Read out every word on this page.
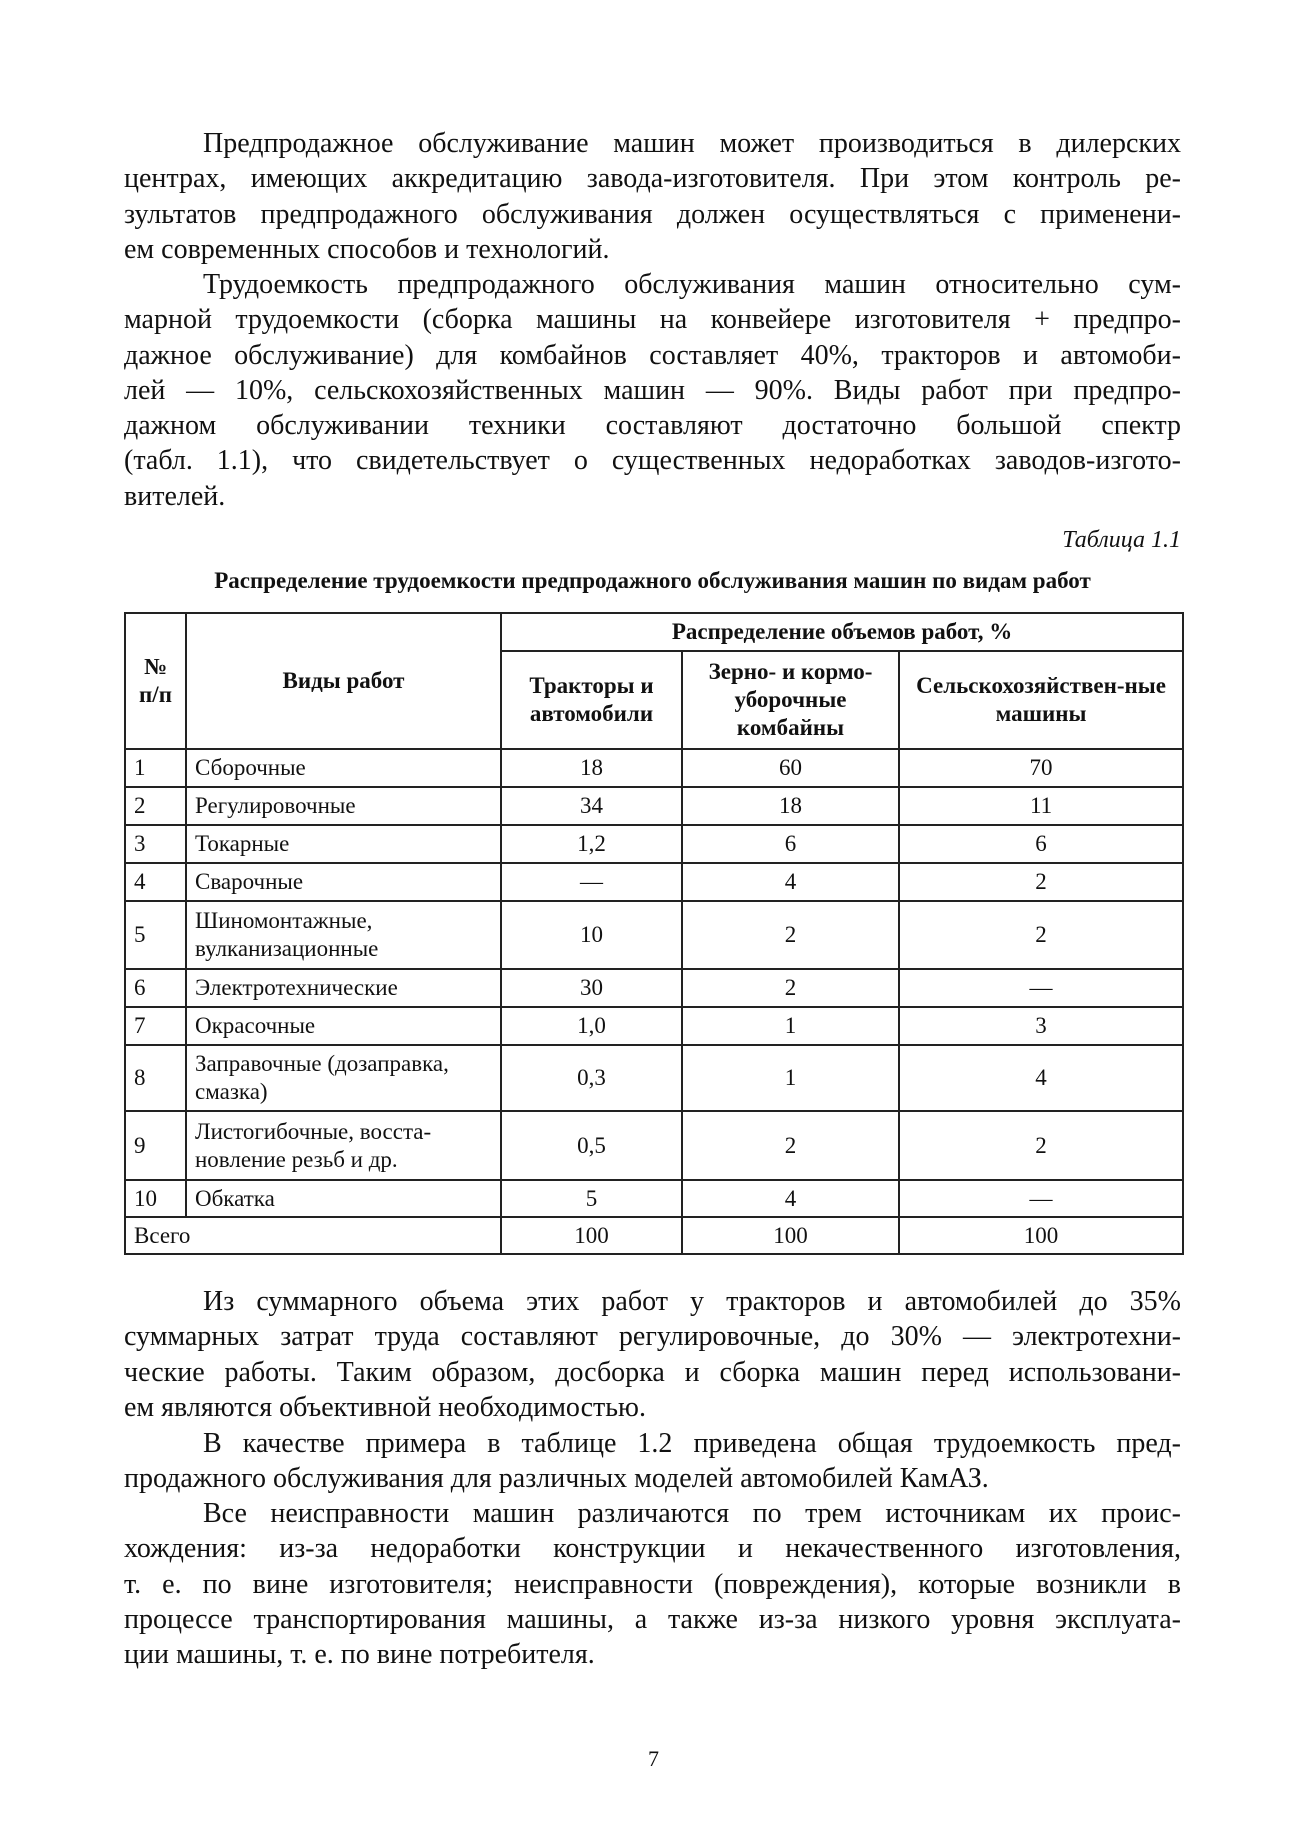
Предпродажное обслуживание машин может производиться в дилерских
центрах, имеющих аккредитацию завода-изготовителя. При этом контроль ре-
зультатов предпродажного обслуживания должен осуществляться с применени-
ем современных способов и технологий.
Трудоемкость предпродажного обслуживания машин относительно сум-
марной трудоемкости (сборка машины на конвейере изготовителя + предпро-
дажное обслуживание) для комбайнов составляет 40%, тракторов и автомоби-
лей — 10%, сельскохозяйственных машин — 90%. Виды работ при предпро-
дажном обслуживании техники составляют достаточно большой спектр
(табл. 1.1), что свидетельствует о существенных недоработках заводов-изгото-
вителей.
Таблица 1.1
Распределение трудоемкости предпродажного обслуживания машин по видам работ
№ п/п	Виды работ	Распределение объемов работ, %		
		Тракторы и автомобили	Зерно- и кормо-уборочные комбайны	Сельскохозяйствен-ные машины
1	Сборочные	18	60	70
2	Регулировочные	34	18	11
3	Токарные	1,2	6	6
4	Сварочные	—	4	2
5	Шиномонтажные, вулканизационные	10	2	2
6	Электротехнические	30	2	—
7	Окрасочные	1,0	1	3
8	Заправочные (дозаправка, смазка)	0,3	1	4
9	Листогибочные, восста-новление резьб и др.	0,5	2	2
10	Обкатка	5	4	—
Всего		100	100	100
Из суммарного объема этих работ у тракторов и автомобилей до 35%
суммарных затрат труда составляют регулировочные, до 30% — электротехни-
ческие работы. Таким образом, досборка и сборка машин перед использовани-
ем являются объективной необходимостью.
В качестве примера в таблице 1.2 приведена общая трудоемкость пред-
продажного обслуживания для различных моделей автомобилей КамАЗ.
Все неисправности машин различаются по трем источникам их проис-
хождения: из-за недоработки конструкции и некачественного изготовления,
т. е. по вине изготовителя; неисправности (повреждения), которые возникли в
процессе транспортирования машины, а также из-за низкого уровня эксплуата-
ции машины, т. е. по вине потребителя.
7
